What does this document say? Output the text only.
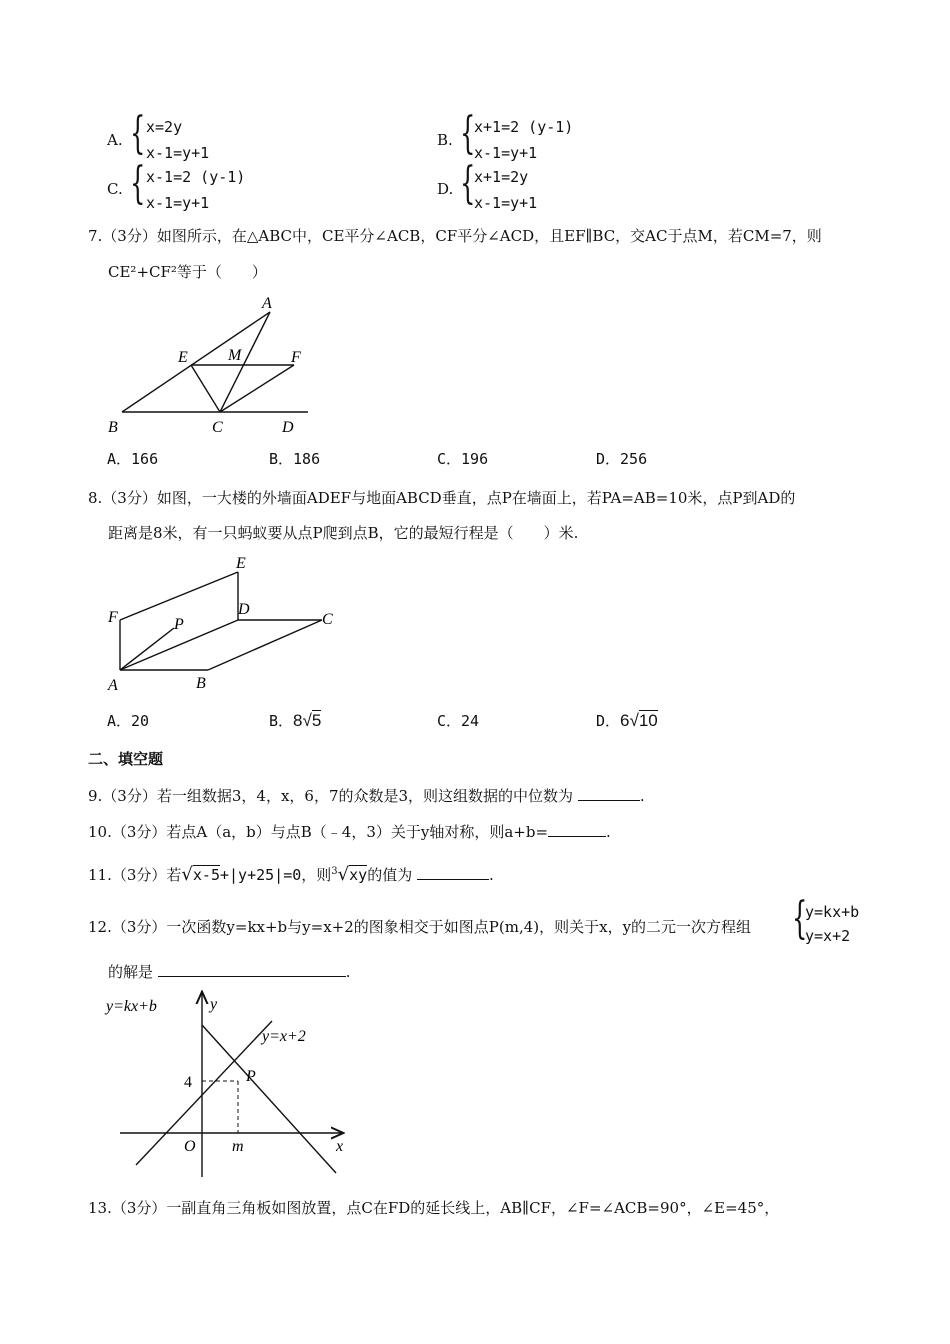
A. { x=2y
x-1=y+1
B. {
x+1=2 (y-1)
x-1=y+1
C. { x-1=2 (y-1)
x-1=y+1
D. {
x+1=2y
x-1=y+1
7.（3分）如图所示，在△ABC中，CE平分∠ACB，CF平分∠ACD，且EF∥BC，交AC于点M，若CM=7，则
CE²+CF²等于（　　）
A
E	M	F
B	C	D
A．166	B．186	C．196	D．256
8.（3分）如图，一大楼的外墙面ADEF与地面ABCD垂直，点P在墙面上，若PA=AB=10米，点P到AD的
距离是8米，有一只蚂蚁要从点P爬到点B，它的最短行程是（　　）米.
E
F	P
D
C
A	B
A．20	B．8√5	C．24	D．6√10
二、填空题
9.（3分）若一组数据3，4，x，6，7的众数是3，则这组数据的中位数为	.
10.（3分）若点A（a，b）与点B（﹣4，3）关于y轴对称，则a+b=	.
11.（3分）若√x-5+|y+25|=0，则$^3$√xy的值为	.
12.（3分）一次函数y=kx+b与y=x+2的图象相交于如图点P(m,4)，则关于x，y的二元一次方程组 {
y=kx+b
y=x+2
的解是	.
y=kx+b
y=x+2
y
x
4	P
O m
13.（3分）一副直角三角板如图放置，点C在FD的延长线上，AB∥CF，∠F=∠ACB=90°，∠E=45°，
